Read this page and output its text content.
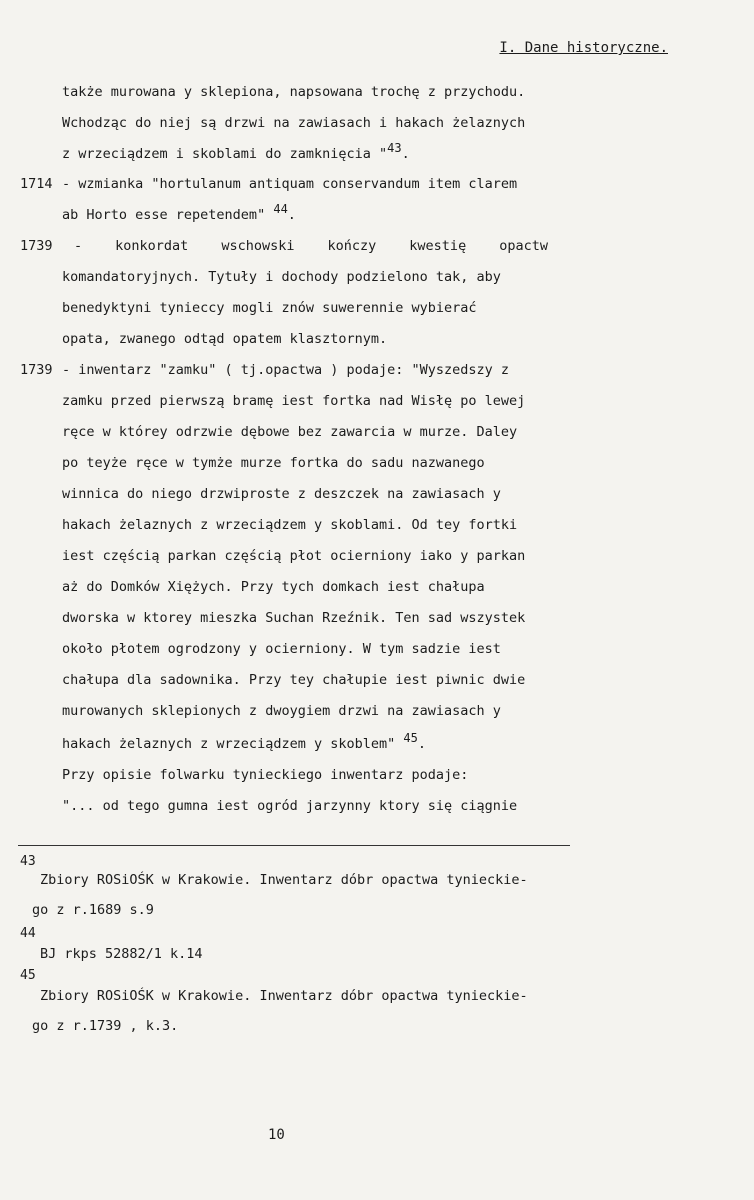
I. Dane historyczne.
także murowana y sklepiona, napsowana trochę z przychodu.
Wchodząc do niej są drzwi na zawiasach i hakach żelaznych
z wrzeciądzem i skoblami do zamknięcia "$^{43}$.
1714 - wzmianka "hortulanum antiquam conservandum item clarem
ab Horto esse repetendem" $^{44}$.
1739 - konkordat wschowski kończy kwestię opactw
komandatoryjnych. Tytuły i dochody podzielono tak, aby
benedyktyni tynieccy mogli znów suwerennie wybierać
opata, zwanego odtąd opatem klasztornym.
1739 - inwentarz "zamku" ( tj.opactwa ) podaje: "Wyszedszy z
zamku przed pierwszą bramę iest fortka nad Wisłę po lewej
ręce w którey odrzwie dębowe bez zawarcia w murze. Daley
po teyże ręce w tymże murze fortka do sadu nazwanego
winnica do niego drzwiproste z deszczek na zawiasach y
hakach żelaznych z wrzeciądzem y skoblami. Od tey fortki
iest częścią parkan częścią płot ocierniony iako y parkan
aż do Domków Xiężych. Przy tych domkach iest chałupa
dworska w ktorey mieszka Suchan Rzeźnik. Ten sad wszystek
około płotem ogrodzony y ocierniony. W tym sadzie iest
chałupa dla sadownika. Przy tey chałupie iest piwnic dwie
murowanych sklepionych z dwoygiem drzwi na zawiasach y
hakach żelaznych z wrzeciądzem y skoblem" $^{45}$.
Przy opisie folwarku tynieckiego inwentarz podaje:
"... od tego gumna iest ogród jarzynny ktory się ciągnie
43
Zbiory ROSiOŚK w Krakowie. Inwentarz dóbr opactwa tynieckie-
go z r.1689 s.9
44
BJ rkps 52882/1 k.14
45
Zbiory ROSiOŚK w Krakowie. Inwentarz dóbr opactwa tynieckie-
go z r.1739 , k.3.
10
